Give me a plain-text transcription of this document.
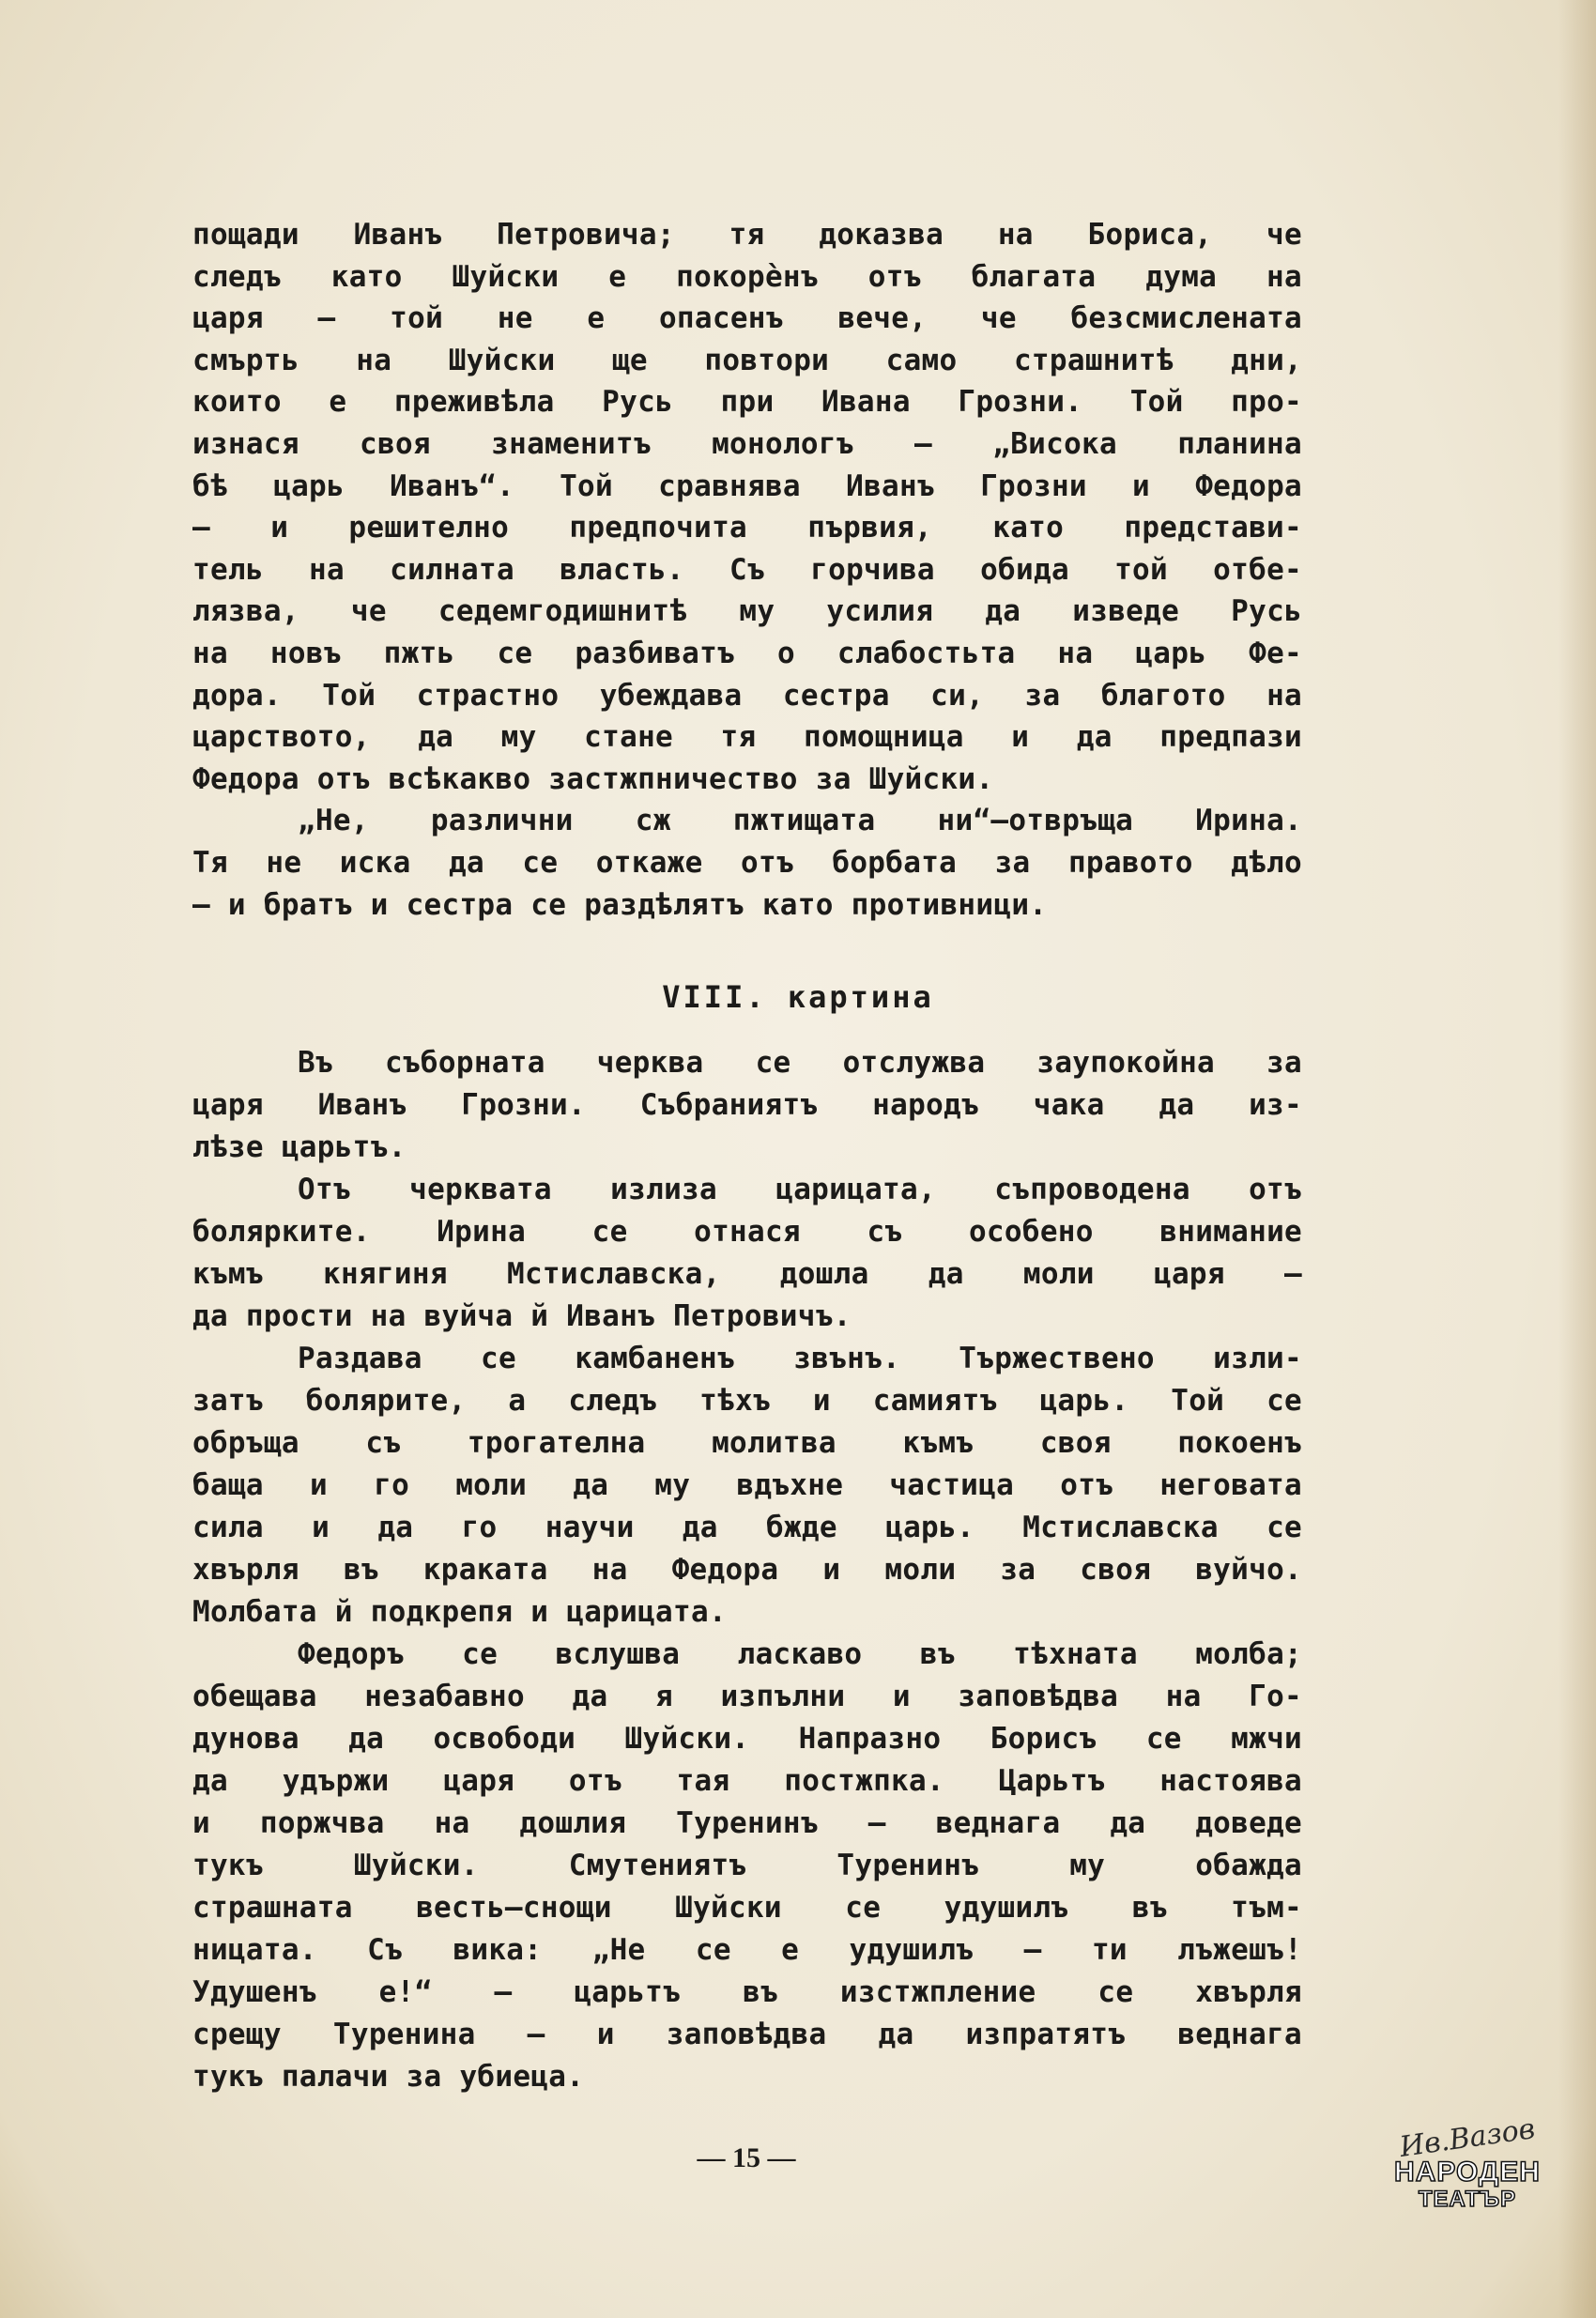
пощади Иванъ Петровича; тя доказва на Бориса, че
следъ като Шуйски е покорѐнъ отъ благата дума на
царя — той не е опасенъ вече, че безсмислената
смърть на Шуйски ще повтори само страшнитѣ дни,
които е преживѣла Русь при Ивана Грозни. Той про-
изнася своя знаменитъ монологъ — „Висока планина
бѣ царь Иванъ“. Той сравнява Иванъ Грозни и Федора
— и решително предпочита първия, като представи-
тель на силната власть. Съ горчива обида той отбе-
лязва, че седемгодишнитѣ му усилия да изведе Русь
на новъ пжть се разбиватъ о слабостьта на царь Фе-
дора. Той страстно убеждава сестра си, за благото на
царството, да му стане тя помощница и да предпази
Федора отъ всѣкакво застжпничество за Шуйски.
„Не, различни сж пжтищата ни“—отвръща Ирина.
Тя не иска да се откаже отъ борбата за правото дѣло
— и братъ и сестра се раздѣлятъ като противници.
VIII. картина
Въ съборната черква се отслужва заупокойна за
царя Иванъ Грозни. Събраниятъ народъ чака да из-
лѣзе царьтъ.
Отъ черквата излиза царицата, съпроводена отъ
болярките. Ирина се отнася съ особено внимание
къмъ княгиня Мстиславска, дошла да моли царя —
да прости на вуйча й Иванъ Петровичъ.
Раздава се камбаненъ звънъ. Тържествено изли-
затъ болярите, а следъ тѣхъ и самиятъ царь. Той се
обръща съ трогателна молитва къмъ своя покоенъ
баща и го моли да му вдъхне частица отъ неговата
сила и да го научи да бжде царь. Мстиславска се
хвърля въ краката на Федора и моли за своя вуйчо.
Молбата й подкрепя и царицата.
Федоръ се вслушва ласкаво въ тѣхната молба;
обещава незабавно да я изпълни и заповѣдва на Го-
дунова да освободи Шуйски. Напразно Борисъ се мжчи
да удържи царя отъ тая постжпка. Царьтъ настоява
и поржчва на дошлия Туренинъ — веднага да доведе
тукъ Шуйски. Смутениятъ Туренинъ му обажда
страшната весть—снощи Шуйски се удушилъ въ тъм-
ницата. Съ вика: „Не се е удушилъ — ти лъжешъ!
Удушенъ е!“ — царьтъ въ изстжпление се хвърля
срещу Туренина — и заповѣдва да изпратятъ веднага
тукъ палачи за убиеца.
— 15 —	Ив.Вазов
НАРОДЕН
ТЕАТЪР
